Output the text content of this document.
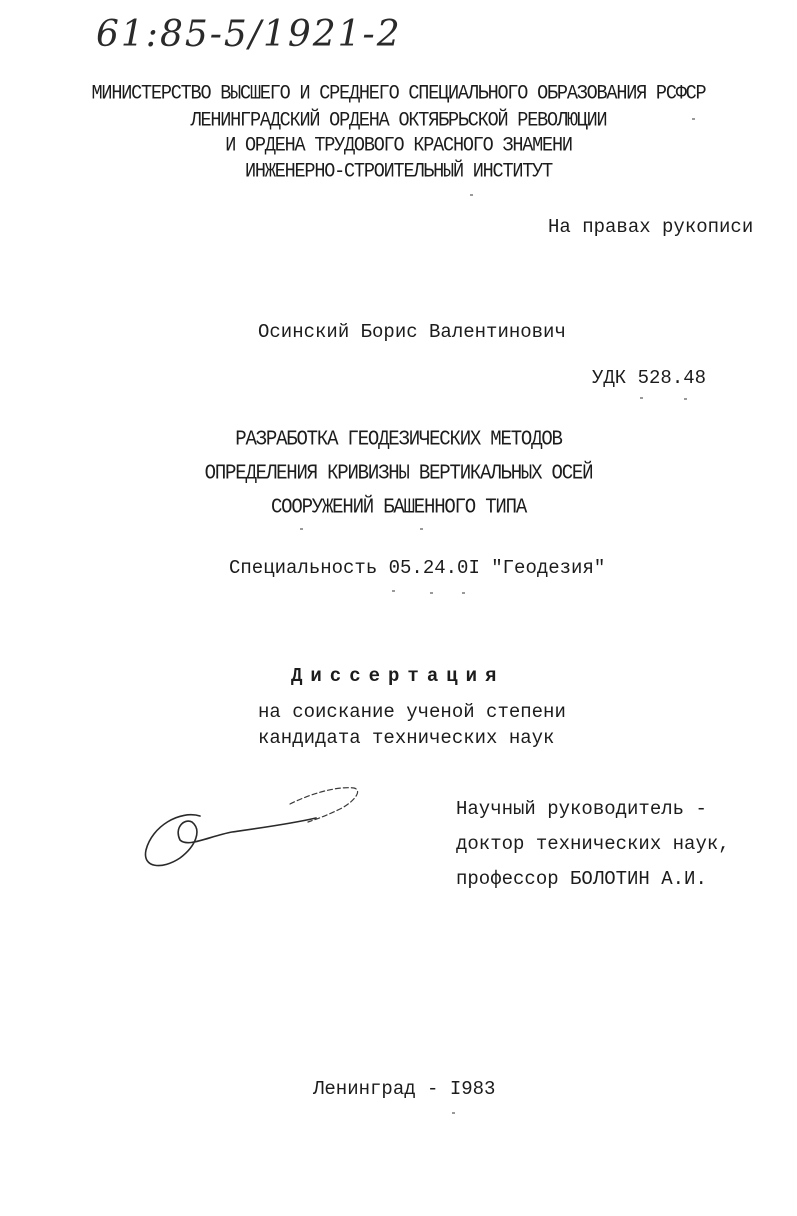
61:85-5/1921-2
МИНИСТЕРСТВО ВЫСШЕГО И СРЕДНЕГО СПЕЦИАЛЬНОГО ОБРАЗОВАНИЯ РСФСР
ЛЕНИНГРАДСКИЙ ОРДЕНА ОКТЯБРЬСКОЙ РЕВОЛЮЦИИ
И ОРДЕНА ТРУДОВОГО КРАСНОГО ЗНАМЕНИ
ИНЖЕНЕРНО-СТРОИТЕЛЬНЫЙ ИНСТИТУТ
На правах рукописи
Осинский Борис Валентинович
УДК 528.48
РАЗРАБОТКА ГЕОДЕЗИЧЕСКИХ МЕТОДОВ
ОПРЕДЕЛЕНИЯ КРИВИЗНЫ ВЕРТИКАЛЬНЫХ ОСЕЙ
СООРУЖЕНИЙ БАШЕННОГО ТИПА
Специальность 05.24.0I "Геодезия"
Диссертация
на соискание ученой степени
кандидата технических наук
Научный руководитель -
доктор технических наук,
профессор БОЛОТИН А.И.
Ленинград - I983
